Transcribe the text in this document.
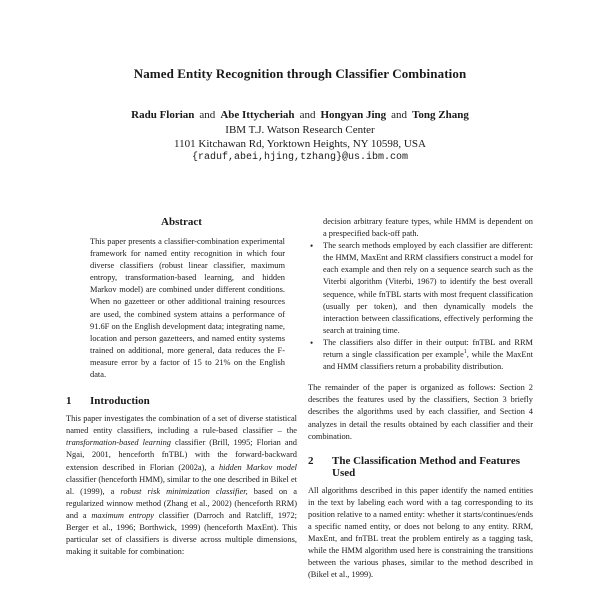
Named Entity Recognition through Classifier Combination
Radu Florian and Abe Ittycheriah and Hongyan Jing and Tong Zhang
IBM T.J. Watson Research Center
1101 Kitchawan Rd, Yorktown Heights, NY 10598, USA
{raduf,abei,hjing,tzhang}@us.ibm.com
Abstract
This paper presents a classifier-combination experimental framework for named entity recognition in which four diverse classifiers (robust linear classifier, maximum entropy, transformation-based learning, and hidden Markov model) are combined under different conditions. When no gazetteer or other additional training resources are used, the combined system attains a performance of 91.6F on the English development data; integrating name, location and person gazetteers, and named entity systems trained on additional, more general, data reduces the F-measure error by a factor of 15 to 21% on the English data.
1	Introduction
This paper investigates the combination of a set of diverse statistical named entity classifiers, including a rule-based classifier – the transformation-based learning classifier (Brill, 1995; Florian and Ngai, 2001, henceforth fnTBL) with the forward-backward extension described in Florian (2002a), a hidden Markov model classifier (henceforth HMM), similar to the one described in Bikel et al. (1999), a robust risk minimization classifier, based on a regularized winnow method (Zhang et al., 2002) (henceforth RRM) and a maximum entropy classifier (Darroch and Ratcliff, 1972; Berger et al., 1996; Borthwick, 1999) (henceforth MaxEnt). This particular set of classifiers is diverse across multiple dimensions, making it suitable for combination:
decision arbitrary feature types, while HMM is dependent on a prespecified back-off path.
• The search methods employed by each classifier are different: the HMM, MaxEnt and RRM classifiers construct a model for each example and then rely on a sequence search such as the Viterbi algorithm (Viterbi, 1967) to identify the best overall sequence, while fnTBL starts with most frequent classification (usually per token), and then dynamically models the interaction between classifications, effectively performing the search at training time.
• The classifiers also differ in their output: fnTBL and RRM return a single classification per example$^1$, while the MaxEnt and HMM classifiers return a probability distribution.
The remainder of the paper is organized as follows: Section 2 describes the features used by the classifiers, Section 3 briefly describes the algorithms used by each classifier, and Section 4 analyzes in detail the results obtained by each classifier and their combination.
2	The Classification Method and Features Used
All algorithms described in this paper identify the named entities in the text by labeling each word with a tag corresponding to its position relative to a named entity: whether it starts/continues/ends a specific named entity, or does not belong to any entity. RRM, MaxEnt, and fnTBL treat the problem entirely as a tagging task, while the HMM algorithm used here is constraining the transitions between the various phases, similar to the method described in (Bikel et al., 1999).
